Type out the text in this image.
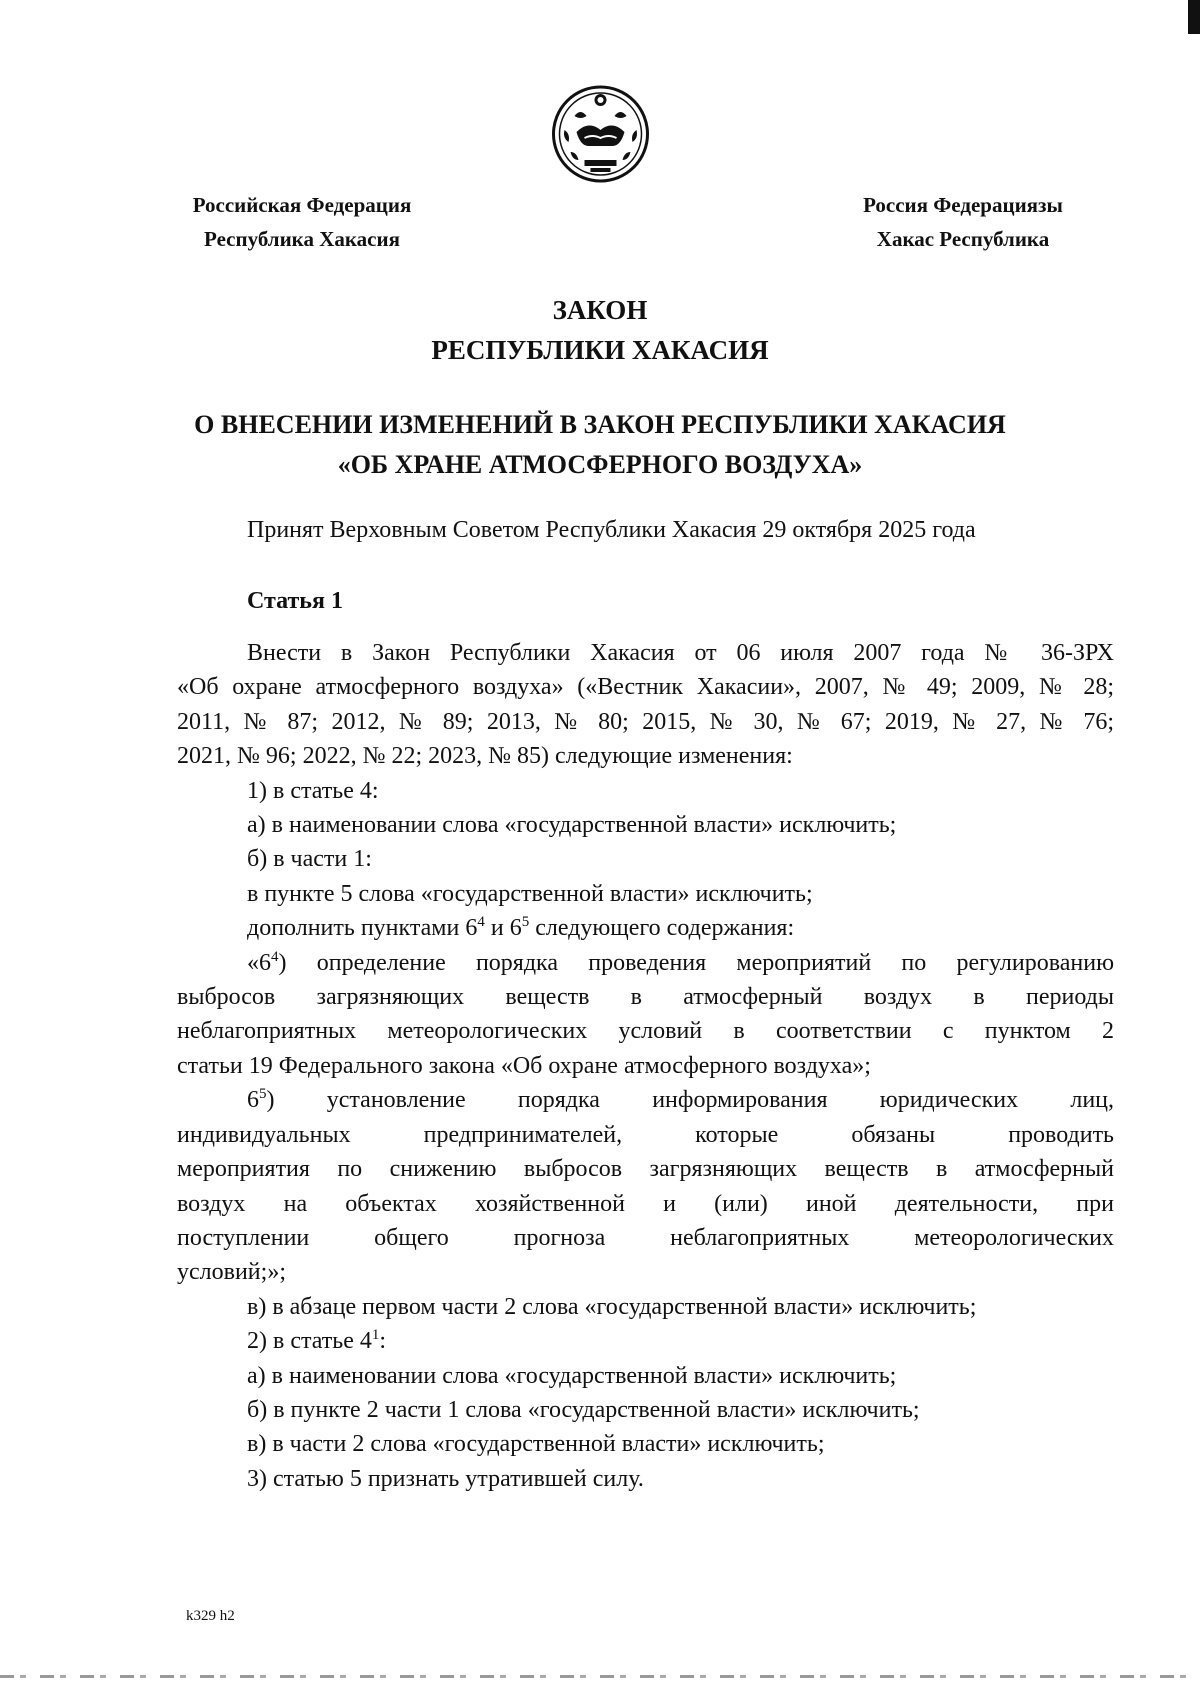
Российская Федерация
Республика Хакасия
Россия Федерациязы
Хакас Республика
ЗАКОН
РЕСПУБЛИКИ ХАКАСИЯ
О ВНЕСЕНИИ ИЗМЕНЕНИЙ В ЗАКОН РЕСПУБЛИКИ ХАКАСИЯ
«ОБ ХРАНЕ АТМОСФЕРНОГО ВОЗДУХА»
Принят Верховным Советом Республики Хакасия 29 октября 2025 года
Статья 1

Внести в Закон Республики Хакасия от 06 июля 2007 года № 36-ЗРХ

«Об охране атмосферного воздуха» («Вестник Хакасии», 2007, № 49; 2009, № 28;

2011, № 87; 2012, № 89; 2013, № 80; 2015, № 30, № 67; 2019, № 27, № 76;

2021, № 96; 2022, № 22; 2023, № 85) следующие изменения:

1) в статье 4:

а) в наименовании слова «государственной власти» исключить;

б) в части 1:

в пункте 5 слова «государственной власти» исключить;

дополнить пунктами $6^4$ и $6^5$ следующего содержания:

«$6^4$) определение порядка проведения мероприятий по регулированию

выбросов загрязняющих веществ в атмосферный воздух в периоды

неблагоприятных метеорологических условий в соответствии с пунктом 2

статьи 19 Федерального закона «Об охране атмосферного воздуха»;

$6^5$) установление порядка информирования юридических лиц,

индивидуальных предпринимателей, которые обязаны проводить

мероприятия по снижению выбросов загрязняющих веществ в атмосферный

воздух на объектах хозяйственной и (или) иной деятельности, при

поступлении общего прогноза неблагоприятных метеорологических

условий;»;

в) в абзаце первом части 2 слова «государственной власти» исключить;

2) в статье $4^1$:

а) в наименовании слова «государственной власти» исключить;

б) в пункте 2 части 1 слова «государственной власти» исключить;

в) в части 2 слова «государственной власти» исключить;

3) статью 5 признать утратившей силу.

k329 h2
